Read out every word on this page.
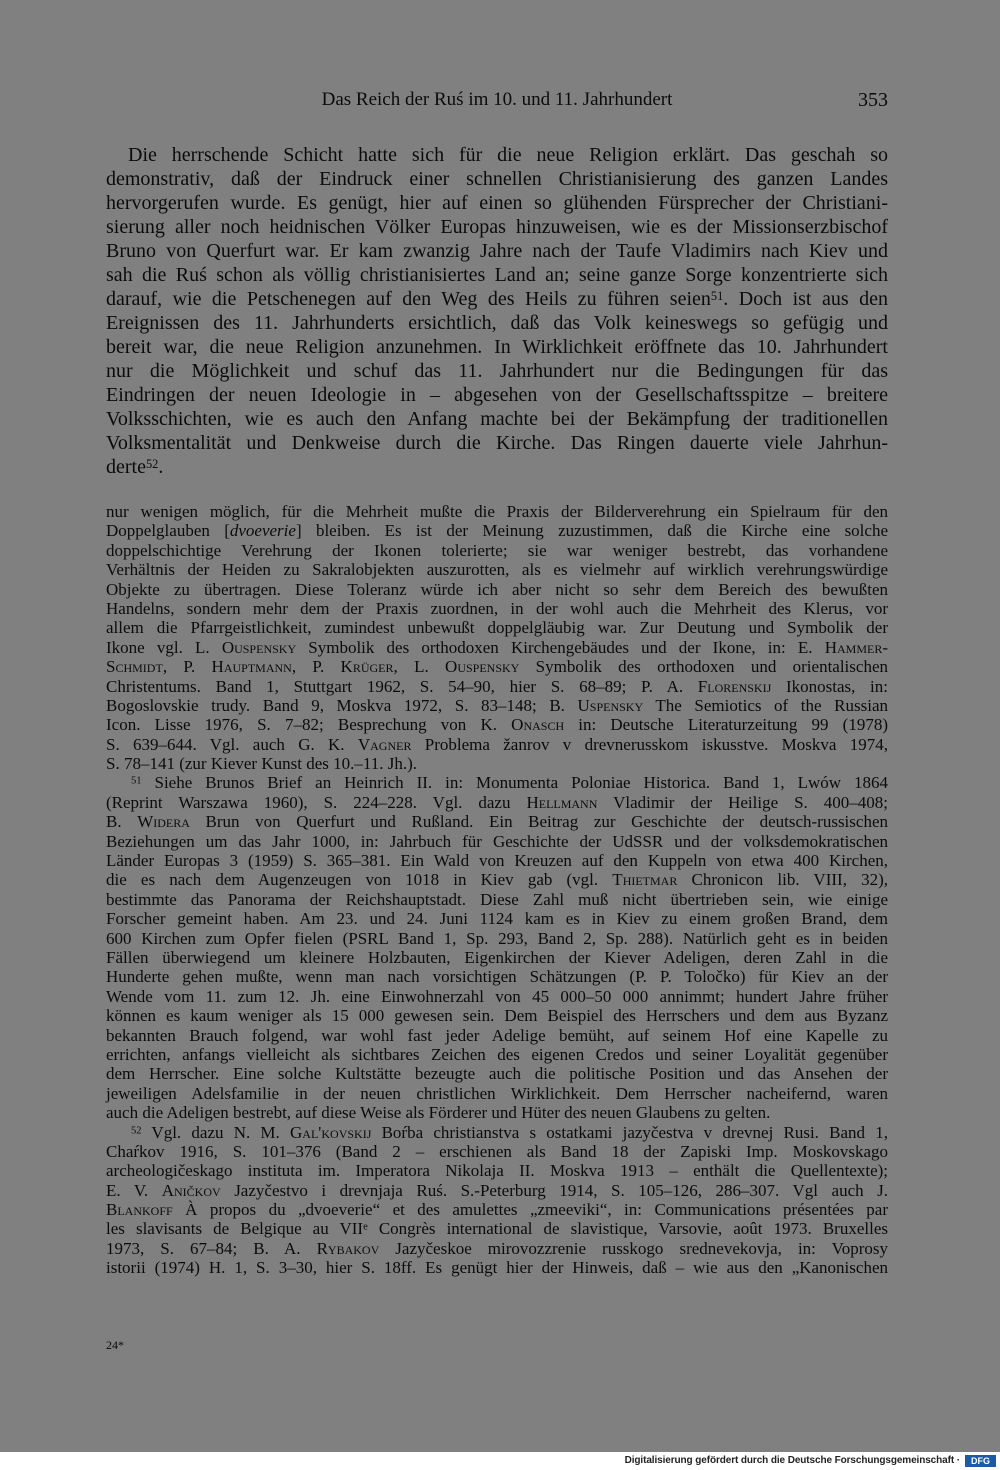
Das Reich der Ruś im 10. und 11. Jahrhundert	353
Die herrschende Schicht hatte sich für die neue Religion erklärt. Das geschah so
demonstrativ, daß der Eindruck einer schnellen Christianisierung des ganzen Landes
hervorgerufen wurde. Es genügt, hier auf einen so glühenden Fürsprecher der Christiani-
sierung aller noch heidnischen Völker Europas hinzuweisen, wie es der Missionserzbischof
Bruno von Querfurt war. Er kam zwanzig Jahre nach der Taufe Vladimirs nach Kiev und
sah die Ruś schon als völlig christianisiertes Land an; seine ganze Sorge konzentrierte sich
darauf, wie die Petschenegen auf den Weg des Heils zu führen seien$^{51}$. Doch ist aus den
Ereignissen des 11. Jahrhunderts ersichtlich, daß das Volk keineswegs so gefügig und
bereit war, die neue Religion anzunehmen. In Wirklichkeit eröffnete das 10. Jahrhundert
nur die Möglichkeit und schuf das 11. Jahrhundert nur die Bedingungen für das
Eindringen der neuen Ideologie in – abgesehen von der Gesellschaftsspitze – breitere
Volksschichten, wie es auch den Anfang machte bei der Bekämpfung der traditionellen
Volksmentalität und Denkweise durch die Kirche. Das Ringen dauerte viele Jahrhun-
derte$^{52}$.
nur wenigen möglich, für die Mehrheit mußte die Praxis der Bilderverehrung ein Spielraum für den
Doppelglauben [dvoeverie] bleiben. Es ist der Meinung zuzustimmen, daß die Kirche eine solche
doppelschichtige Verehrung der Ikonen tolerierte; sie war weniger bestrebt, das vorhandene
Verhältnis der Heiden zu Sakralobjekten auszurotten, als es vielmehr auf wirklich verehrungswürdige
Objekte zu übertragen. Diese Toleranz würde ich aber nicht so sehr dem Bereich des bewußten
Handelns, sondern mehr dem der Praxis zuordnen, in der wohl auch die Mehrheit des Klerus, vor
allem die Pfarrgeistlichkeit, zumindest unbewußt doppelgläubig war. Zur Deutung und Symbolik der
Ikone vgl. L. Ouspensky Symbolik des orthodoxen Kirchengebäudes und der Ikone, in: E. Hammer-
Schmidt, P. Hauptmann, P. Krüger, L. Ouspensky Symbolik des orthodoxen und orientalischen
Christentums. Band 1, Stuttgart 1962, S. 54–90, hier S. 68–89; P. A. Florenskij Ikonostas, in:
Bogoslovskie trudy. Band 9, Moskva 1972, S. 83–148; B. Uspensky The Semiotics of the Russian
Icon. Lisse 1976, S. 7–82; Besprechung von K. Onasch in: Deutsche Literaturzeitung 99 (1978)
S. 639–644. Vgl. auch G. K. Vagner Problema žanrov v drevnerusskom iskusstve. Moskva 1974,
S. 78–141 (zur Kiever Kunst des 10.–11. Jh.).
$^{51}$ Siehe Brunos Brief an Heinrich II. in: Monumenta Poloniae Historica. Band 1, Lwów 1864
(Reprint Warszawa 1960), S. 224–228. Vgl. dazu Hellmann Vladimir der Heilige S. 400–408;
B. Widera Brun von Querfurt und Rußland. Ein Beitrag zur Geschichte der deutsch-russischen
Beziehungen um das Jahr 1000, in: Jahrbuch für Geschichte der UdSSR und der volksdemokratischen
Länder Europas 3 (1959) S. 365–381. Ein Wald von Kreuzen auf den Kuppeln von etwa 400 Kirchen,
die es nach dem Augenzeugen von 1018 in Kiev gab (vgl. Thietmar Chronicon lib. VIII, 32),
bestimmte das Panorama der Reichshauptstadt. Diese Zahl muß nicht übertrieben sein, wie einige
Forscher gemeint haben. Am 23. und 24. Juni 1124 kam es in Kiev zu einem großen Brand, dem
600 Kirchen zum Opfer fielen (PSRL Band 1, Sp. 293, Band 2, Sp. 288). Natürlich geht es in beiden
Fällen überwiegend um kleinere Holzbauten, Eigenkirchen der Kiever Adeligen, deren Zahl in die
Hunderte gehen mußte, wenn man nach vorsichtigen Schätzungen (P. P. Toločko) für Kiev an der
Wende vom 11. zum 12. Jh. eine Einwohnerzahl von 45 000–50 000 annimmt; hundert Jahre früher
können es kaum weniger als 15 000 gewesen sein. Dem Beispiel des Herrschers und dem aus Byzanz
bekannten Brauch folgend, war wohl fast jeder Adelige bemüht, auf seinem Hof eine Kapelle zu
errichten, anfangs vielleicht als sichtbares Zeichen des eigenen Credos und seiner Loyalität gegenüber
dem Herrscher. Eine solche Kultstätte bezeugte auch die politische Position und das Ansehen der
jeweiligen Adelsfamilie in der neuen christlichen Wirklichkeit. Dem Herrscher nacheifernd, waren
auch die Adeligen bestrebt, auf diese Weise als Förderer und Hüter des neuen Glaubens zu gelten.
$^{52}$ Vgl. dazu N. M. Gal'kovskij Boŕba christianstva s ostatkami jazyčestva v drevnej Rusi. Band 1,
Chaŕkov 1916, S. 101–376 (Band 2 – erschienen als Band 18 der Zapiski Imp. Moskovskago
archeologičeskago instituta im. Imperatora Nikolaja II. Moskva 1913 – enthält die Quellentexte);
E. V. Aničkov Jazyčestvo i drevnjaja Ruś. S.-Peterburg 1914, S. 105–126, 286–307. Vgl auch J.
Blankoff À propos du „dvoeverie“ et des amulettes „zmeeviki“, in: Communications présentées par
les slavisants de Belgique au VIIe Congrès international de slavistique, Varsovie, août 1973. Bruxelles
1973, S. 67–84; B. A. Rybakov Jazyčeskoe mirovozzrenie russkogo srednevekovja, in: Voprosy
istorii (1974) H. 1, S. 3–30, hier S. 18ff. Es genügt hier der Hinweis, daß – wie aus den „Kanonischen
24*
Digitalisierung gefördert durch die Deutsche Forschungsgemeinschaft ·	DFG
